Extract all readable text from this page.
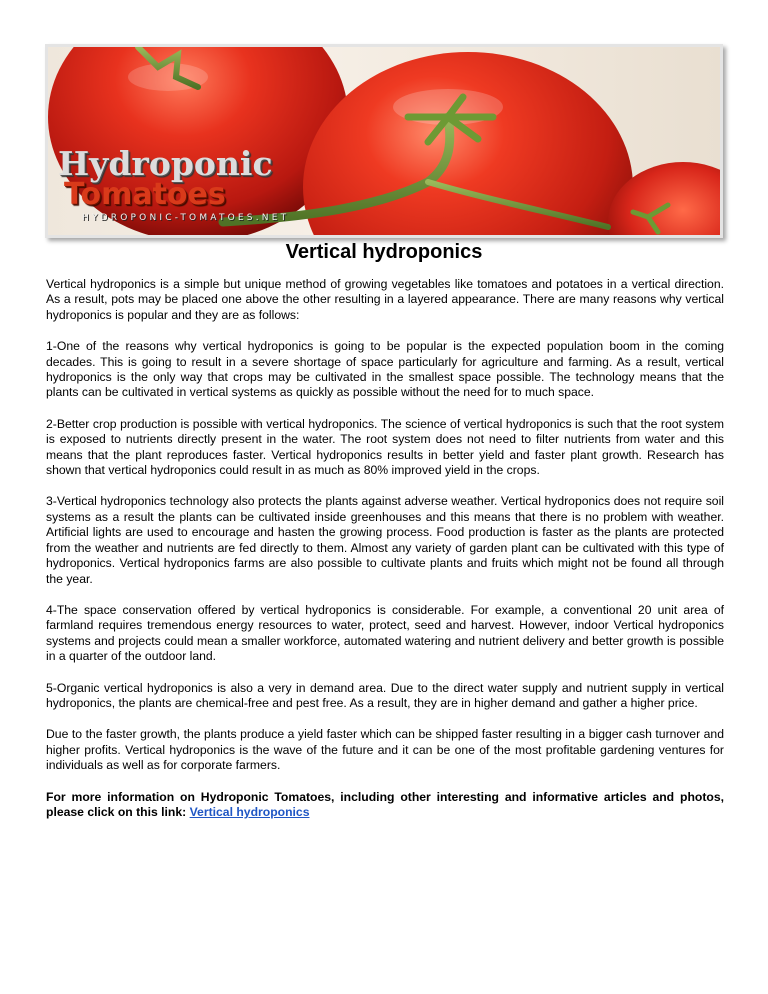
Hydroponic
Tomatoes
HYDROPONIC-TOMATOES.NET
Vertical hydroponics

Vertical hydroponics is a simple but unique method of growing vegetables like tomatoes and potatoes in a vertical direction. As a result, pots may be placed one above the other resulting in a layered appearance. There are many reasons why vertical hydroponics is popular and they are as follows:

1-One of the reasons why vertical hydroponics is going to be popular is the expected population boom in the coming decades. This is going to result in a severe shortage of space particularly for agriculture and farming. As a result, vertical hydroponics is the only way that crops may be cultivated in the smallest space possible. The technology means that the plants can be cultivated in vertical systems as quickly as possible without the need for to much space.

2-Better crop production is possible with vertical hydroponics. The science of vertical hydroponics is such that the root system is exposed to nutrients directly present in the water. The root system does not need to filter nutrients from water and this means that the plant reproduces faster. Vertical hydroponics results in better yield and faster plant growth. Research has shown that vertical hydroponics could result in as much as 80% improved yield in the crops.

3-Vertical hydroponics technology also protects the plants against adverse weather. Vertical hydroponics does not require soil systems as a result the plants can be cultivated inside greenhouses and this means that there is no problem with weather. Artificial lights are used to encourage and hasten the growing process. Food production is faster as the plants are protected from the weather and nutrients are fed directly to them. Almost any variety of garden plant can be cultivated with this type of hydroponics. Vertical hydroponics farms are also possible to cultivate plants and fruits which might not be found all through the year.

4-The space conservation offered by vertical hydroponics is considerable. For example, a conventional 20 unit area of farmland requires tremendous energy resources to water, protect, seed and harvest. However, indoor Vertical hydroponics systems and projects could mean a smaller workforce, automated watering and nutrient delivery and better growth is possible in a quarter of the outdoor land.

5-Organic vertical hydroponics is also a very in demand area. Due to the direct water supply and nutrient supply in vertical hydroponics, the plants are chemical-free and pest free. As a result, they are in higher demand and gather a higher price.

Due to the faster growth, the plants produce a yield faster which can be shipped faster resulting in a bigger cash turnover and higher profits. Vertical hydroponics is the wave of the future and it can be one of the most profitable gardening ventures for individuals as well as for corporate farmers.

For more information on Hydroponic Tomatoes, including other interesting and informative articles and photos, please click on this link: Vertical hydroponics
